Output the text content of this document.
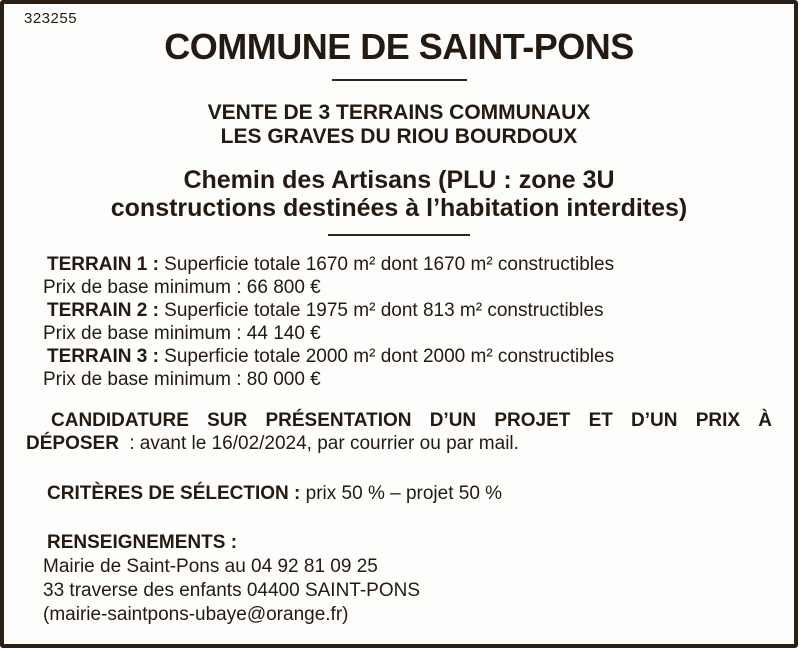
323255
COMMUNE DE SAINT-PONS
VENTE DE 3 TERRAINS COMMUNAUX
LES GRAVES DU RIOU BOURDOUX
Chemin des Artisans (PLU : zone 3U
constructions destinées à l’habitation interdites)
TERRAIN 1 : Superficie totale 1670 m² dont 1670 m² constructibles
Prix de base minimum : 66 800 €
TERRAIN 2 : Superficie totale 1975 m² dont 813 m² constructibles
Prix de base minimum : 44 140 €
TERRAIN 3 : Superficie totale 2000 m² dont 2000 m² constructibles
Prix de base minimum : 80 000 €
CANDIDATURE SUR PRÉSENTATION D’UN PROJET ET D’UN PRIX À
DÉPOSER : avant le 16/02/2024, par courrier ou par mail.
CRITÈRES DE SÉLECTION : prix 50 % – projet 50 %
RENSEIGNEMENTS :
Mairie de Saint-Pons au 04 92 81 09 25
33 traverse des enfants 04400 SAINT-PONS
(mairie-saintpons-ubaye@orange.fr)
